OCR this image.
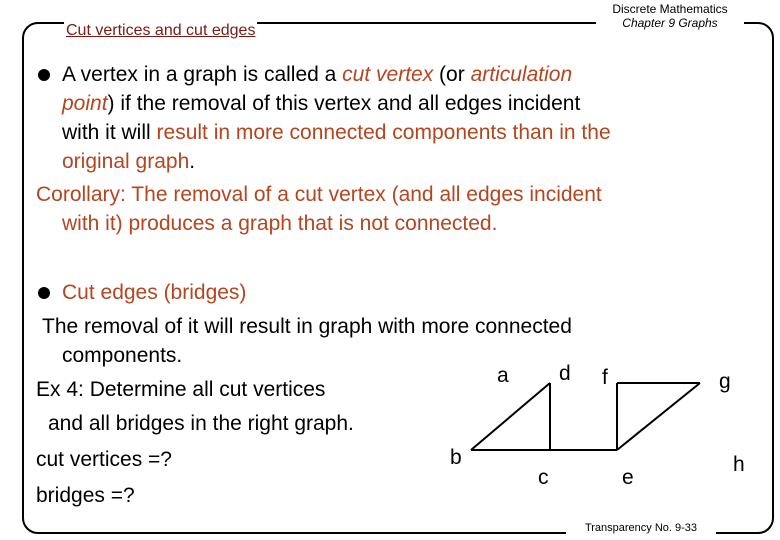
Discrete Mathematics
Chapter 9 Graphs
Cut vertices and cut edges
A vertex in a graph is called a cut vertex (or articulation
point) if the removal of this vertex and all edges incident
with it will result in more connected components than in the
original graph.
Corollary: The removal of a cut vertex (and all edges incident
with it) produces a graph that is not connected.
Cut edges (bridges)
The removal of it will result in graph with more connected
components.
Ex 4: Determine all cut vertices
and all bridges in the right graph.
cut vertices =?
bridges =?
a
b
c
d
e
f	g
h
Transparency No. 9-33
